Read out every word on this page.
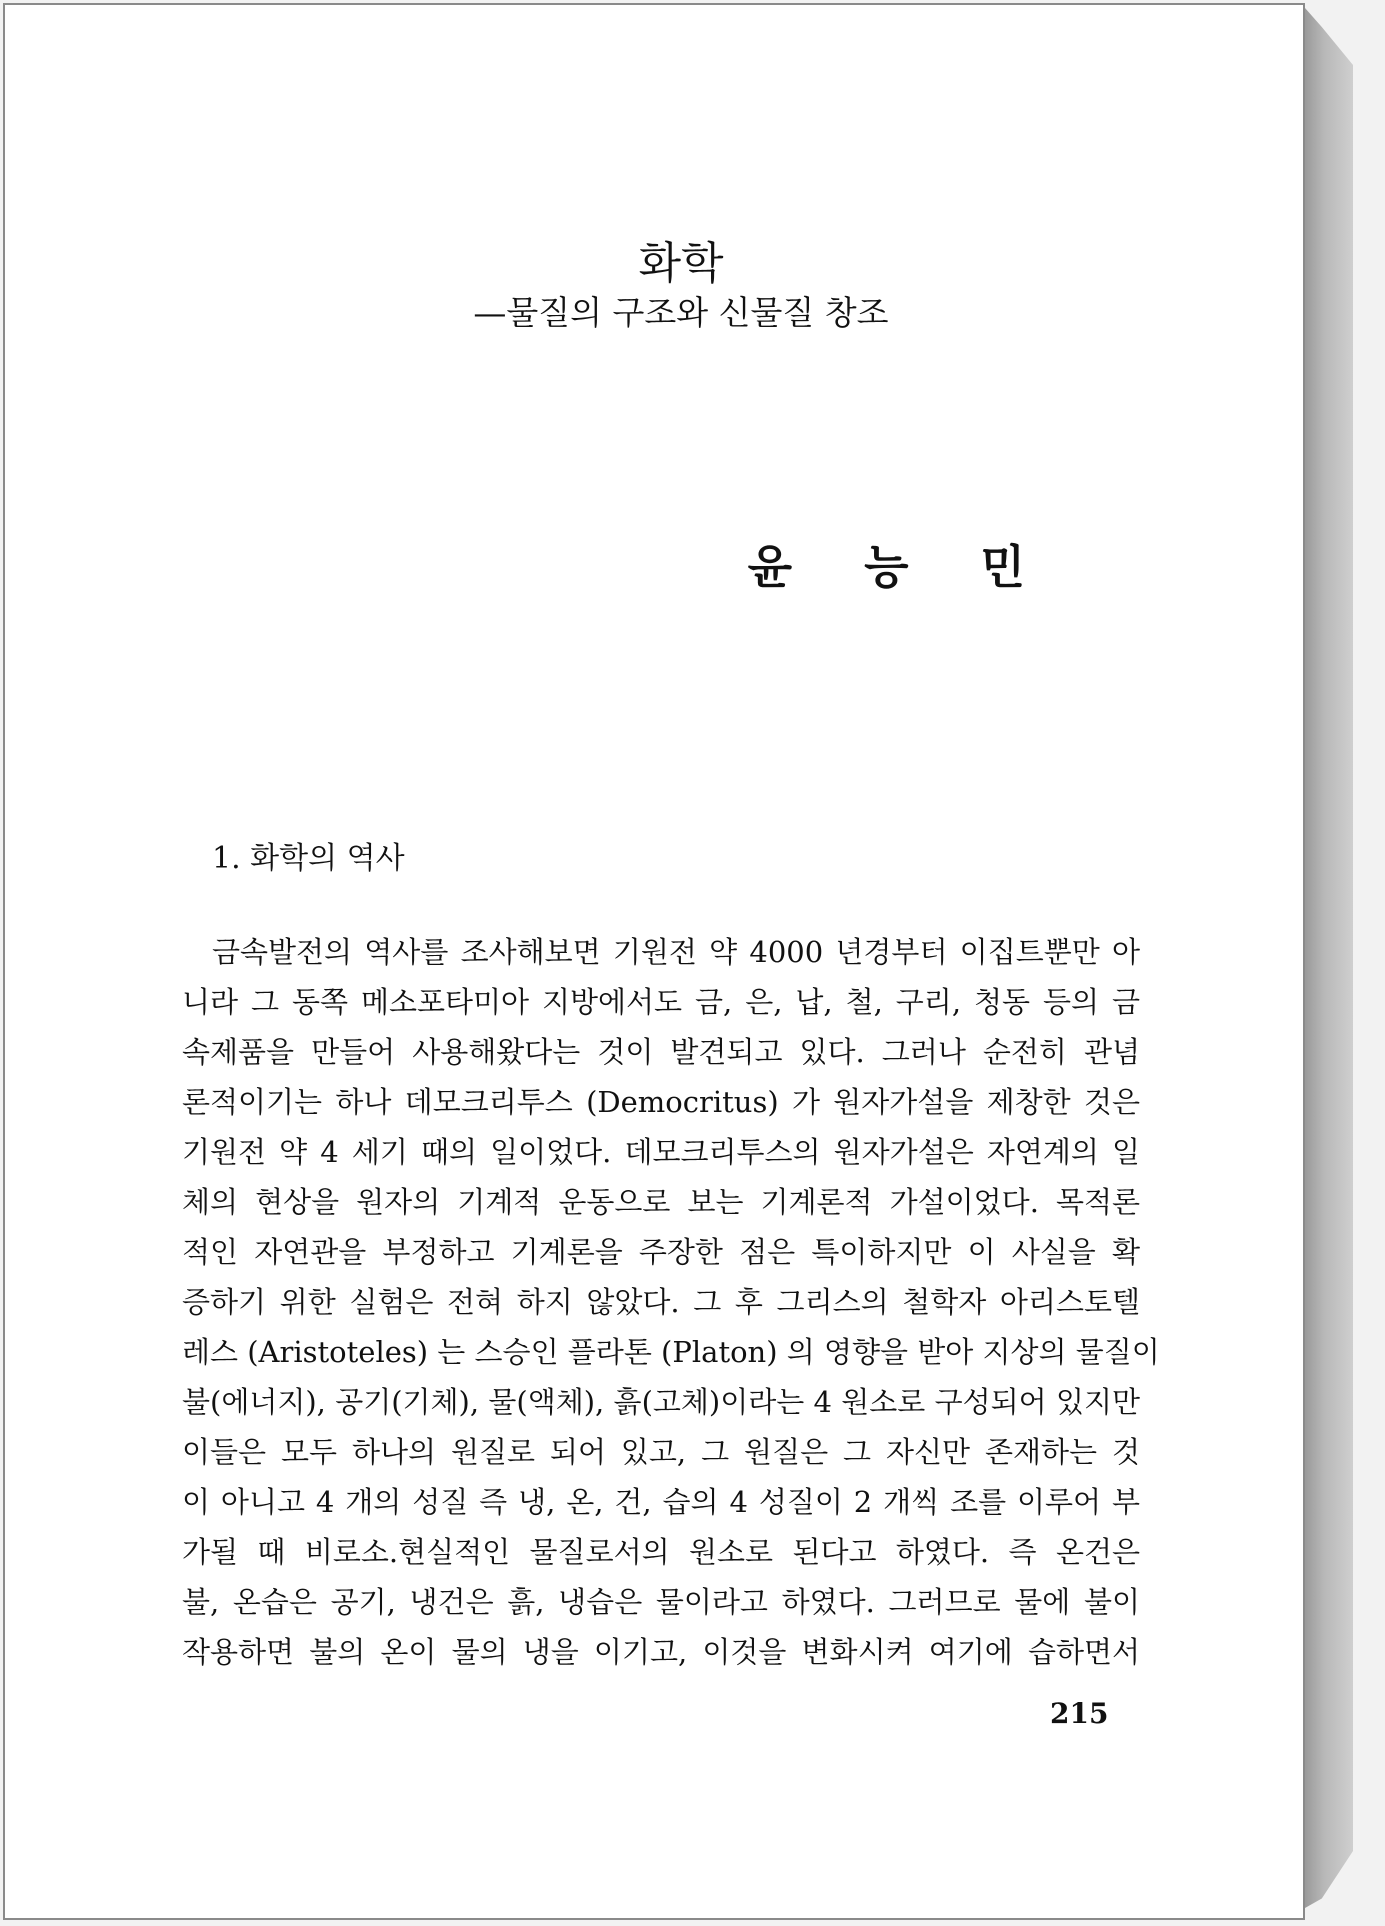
화학
—물질의 구조와 신물질 창조
윤 능 민
1. 화학의 역사
금속발전의 역사를 조사해보면 기원전 약 4000 년경부터 이집트뿐만 아
니라 그 동쪽 메소포타미아 지방에서도 금, 은, 납, 철, 구리, 청동 등의 금
속제품을 만들어 사용해왔다는 것이 발견되고 있다. 그러나 순전히 관념
론적이기는 하나 데모크리투스 (Democritus) 가 원자가설을 제창한 것은
기원전 약 4 세기 때의 일이었다. 데모크리투스의 원자가설은 자연계의 일
체의 현상을 원자의 기계적 운동으로 보는 기계론적 가설이었다. 목적론
적인 자연관을 부정하고 기계론을 주장한 점은 특이하지만 이 사실을 확
증하기 위한 실험은 전혀 하지 않았다. 그 후 그리스의 철학자 아리스토텔
레스 (Aristoteles) 는 스승인 플라톤 (Platon) 의 영향을 받아 지상의 물질이
불(에너지), 공기(기체), 물(액체), 흙(고체)이라는 4 원소로 구성되어 있지만
이들은 모두 하나의 원질로 되어 있고, 그 원질은 그 자신만 존재하는 것
이 아니고 4 개의 성질 즉 냉, 온, 건, 습의 4 성질이 2 개씩 조를 이루어 부
가될 때 비로소.현실적인 물질로서의 원소로 된다고 하였다. 즉 온건은
불, 온습은 공기, 냉건은 흙, 냉습은 물이라고 하였다. 그러므로 물에 불이
작용하면 불의 온이 물의 냉을 이기고, 이것을 변화시켜 여기에 습하면서
215
